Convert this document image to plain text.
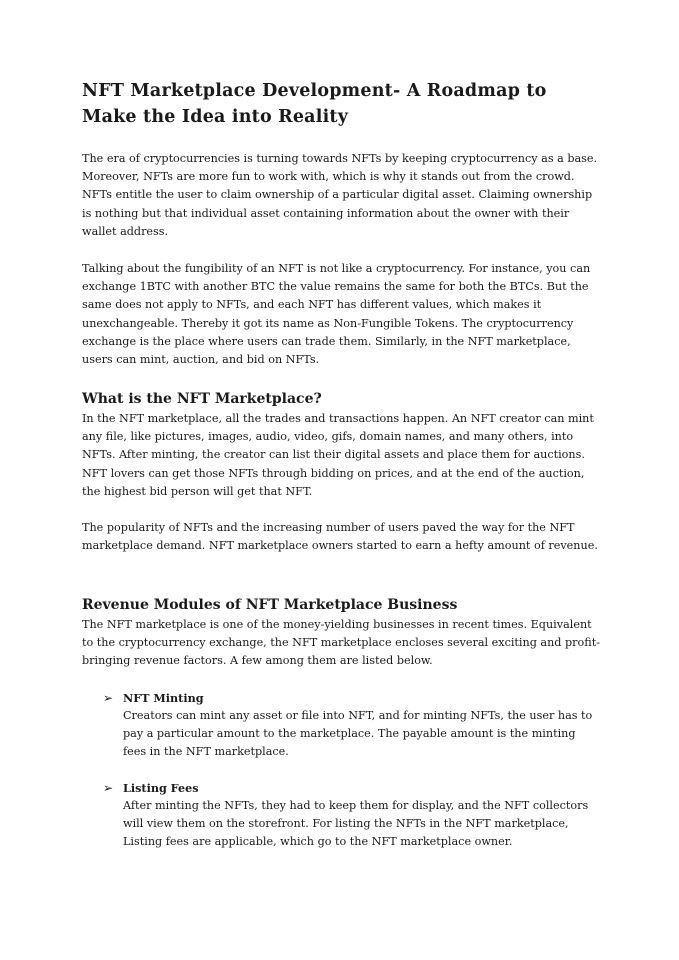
NFT Marketplace Development- A Roadmap to Make the Idea into Reality

The era of cryptocurrencies is turning towards NFTs by keeping cryptocurrency as a base. Moreover, NFTs are more fun to work with, which is why it stands out from the crowd. NFTs entitle the user to claim ownership of a particular digital asset. Claiming ownership is nothing but that individual asset containing information about the owner with their wallet address.

Talking about the fungibility of an NFT is not like a cryptocurrency. For instance, you can exchange 1BTC with another BTC the value remains the same for both the BTCs. But the same does not apply to NFTs, and each NFT has different values, which makes it unexchangeable. Thereby it got its name as Non-Fungible Tokens. The cryptocurrency exchange is the place where users can trade them. Similarly, in the NFT marketplace, users can mint, auction, and bid on NFTs.

What is the NFT Marketplace?

In the NFT marketplace, all the trades and transactions happen. An NFT creator can mint any file, like pictures, images, audio, video, gifs, domain names, and many others, into NFTs. After minting, the creator can list their digital assets and place them for auctions. NFT lovers can get those NFTs through bidding on prices, and at the end of the auction, the highest bid person will get that NFT.

The popularity of NFTs and the increasing number of users paved the way for the NFT marketplace demand. NFT marketplace owners started to earn a hefty amount of revenue.

Revenue Modules of NFT Marketplace Business

The NFT marketplace is one of the money-yielding businesses in recent times. Equivalent to the cryptocurrency exchange, the NFT marketplace encloses several exciting and profit-bringing revenue factors. A few among them are listed below.

➢ NFT Minting

Creators can mint any asset or file into NFT, and for minting NFTs, the user has to pay a particular amount to the marketplace. The payable amount is the minting fees in the NFT marketplace.

➢ Listing Fees

After minting the NFTs, they had to keep them for display, and the NFT collectors will view them on the storefront. For listing the NFTs in the NFT marketplace, Listing fees are applicable, which go to the NFT marketplace owner.
